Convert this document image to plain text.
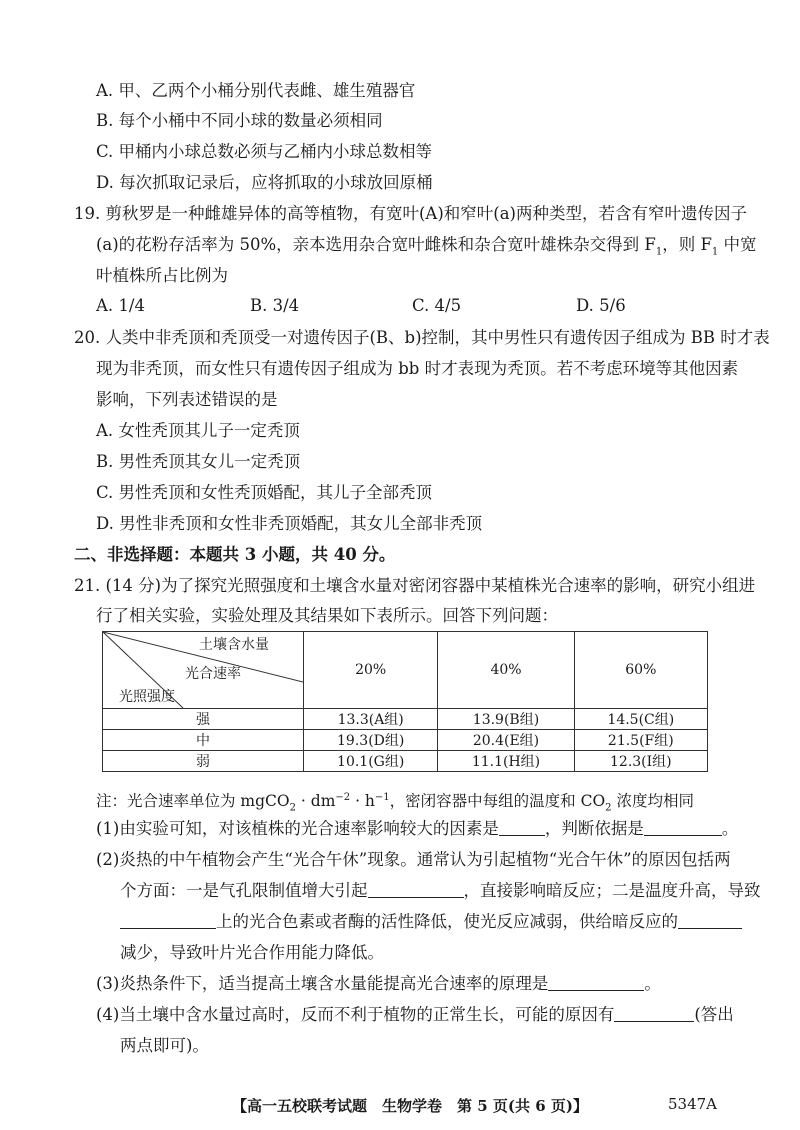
A. 甲、乙两个小桶分别代表雌、雄生殖器官
B. 每个小桶中不同小球的数量必须相同
C. 甲桶内小球总数必须与乙桶内小球总数相等
D. 每次抓取记录后，应将抓取的小球放回原桶
19. 剪秋罗是一种雌雄异体的高等植物，有宽叶(A)和窄叶(a)两种类型，若含有窄叶遗传因子
(a)的花粉存活率为 50%，亲本选用杂合宽叶雌株和杂合宽叶雄株杂交得到 $F_1$，则 $F_1$ 中宽
叶植株所占比例为
A. 1/4	B. 3/4	C. 4/5	D. 5/6
20. 人类中非秃顶和秃顶受一对遗传因子(B、b)控制，其中男性只有遗传因子组成为 BB 时才表
现为非秃顶，而女性只有遗传因子组成为 bb 时才表现为秃顶。若不考虑环境等其他因素
影响，下列表述错误的是
A. 女性秃顶其儿子一定秃顶
B. 男性秃顶其女儿一定秃顶
C. 男性秃顶和女性秃顶婚配，其儿子全部秃顶
D. 男性非秃顶和女性非秃顶婚配，其女儿全部非秃顶
二、非选择题：本题共 3 小题，共 40 分。
21. (14 分)为了探究光照强度和土壤含水量对密闭容器中某植株光合速率的影响，研究小组进
行了相关实验，实验处理及其结果如下表所示。回答下列问题：
土壤含水量
光合速率
光照强度	20%	40%	60%
强	13.3(A组)	13.9(B组)	14.5(C组)
中	19.3(D组)	20.4(E组)	21.5(F组)
弱	10.1(G组)	11.1(H组)	12.3(I组)
注：光合速率单位为 mgCO$_2$ · $dm^{-2} \cdot h^{-1}$，密闭容器中每组的温度和 $CO_2$ 浓度均相同
(1)由实验可知，对该植株的光合速率影响较大的因素是	，判断依据是	。
(2)炎热的中午植物会产生“光合午休”现象。通常认为引起植物“光合午休”的原因包括两
个方面：一是气孔限制值增大引起	，直接影响暗反应；二是温度升高，导致
上的光合色素或者酶的活性降低，使光反应减弱，供给暗反应的
减少，导致叶片光合作用能力降低。
(3)炎热条件下，适当提高土壤含水量能提高光合速率的原理是	。
(4)当土壤中含水量过高时，反而不利于植物的正常生长，可能的原因有	(答出
两点即可)。
【高一五校联考试题　生物学卷　第 5 页(共 6 页)】	5347A
